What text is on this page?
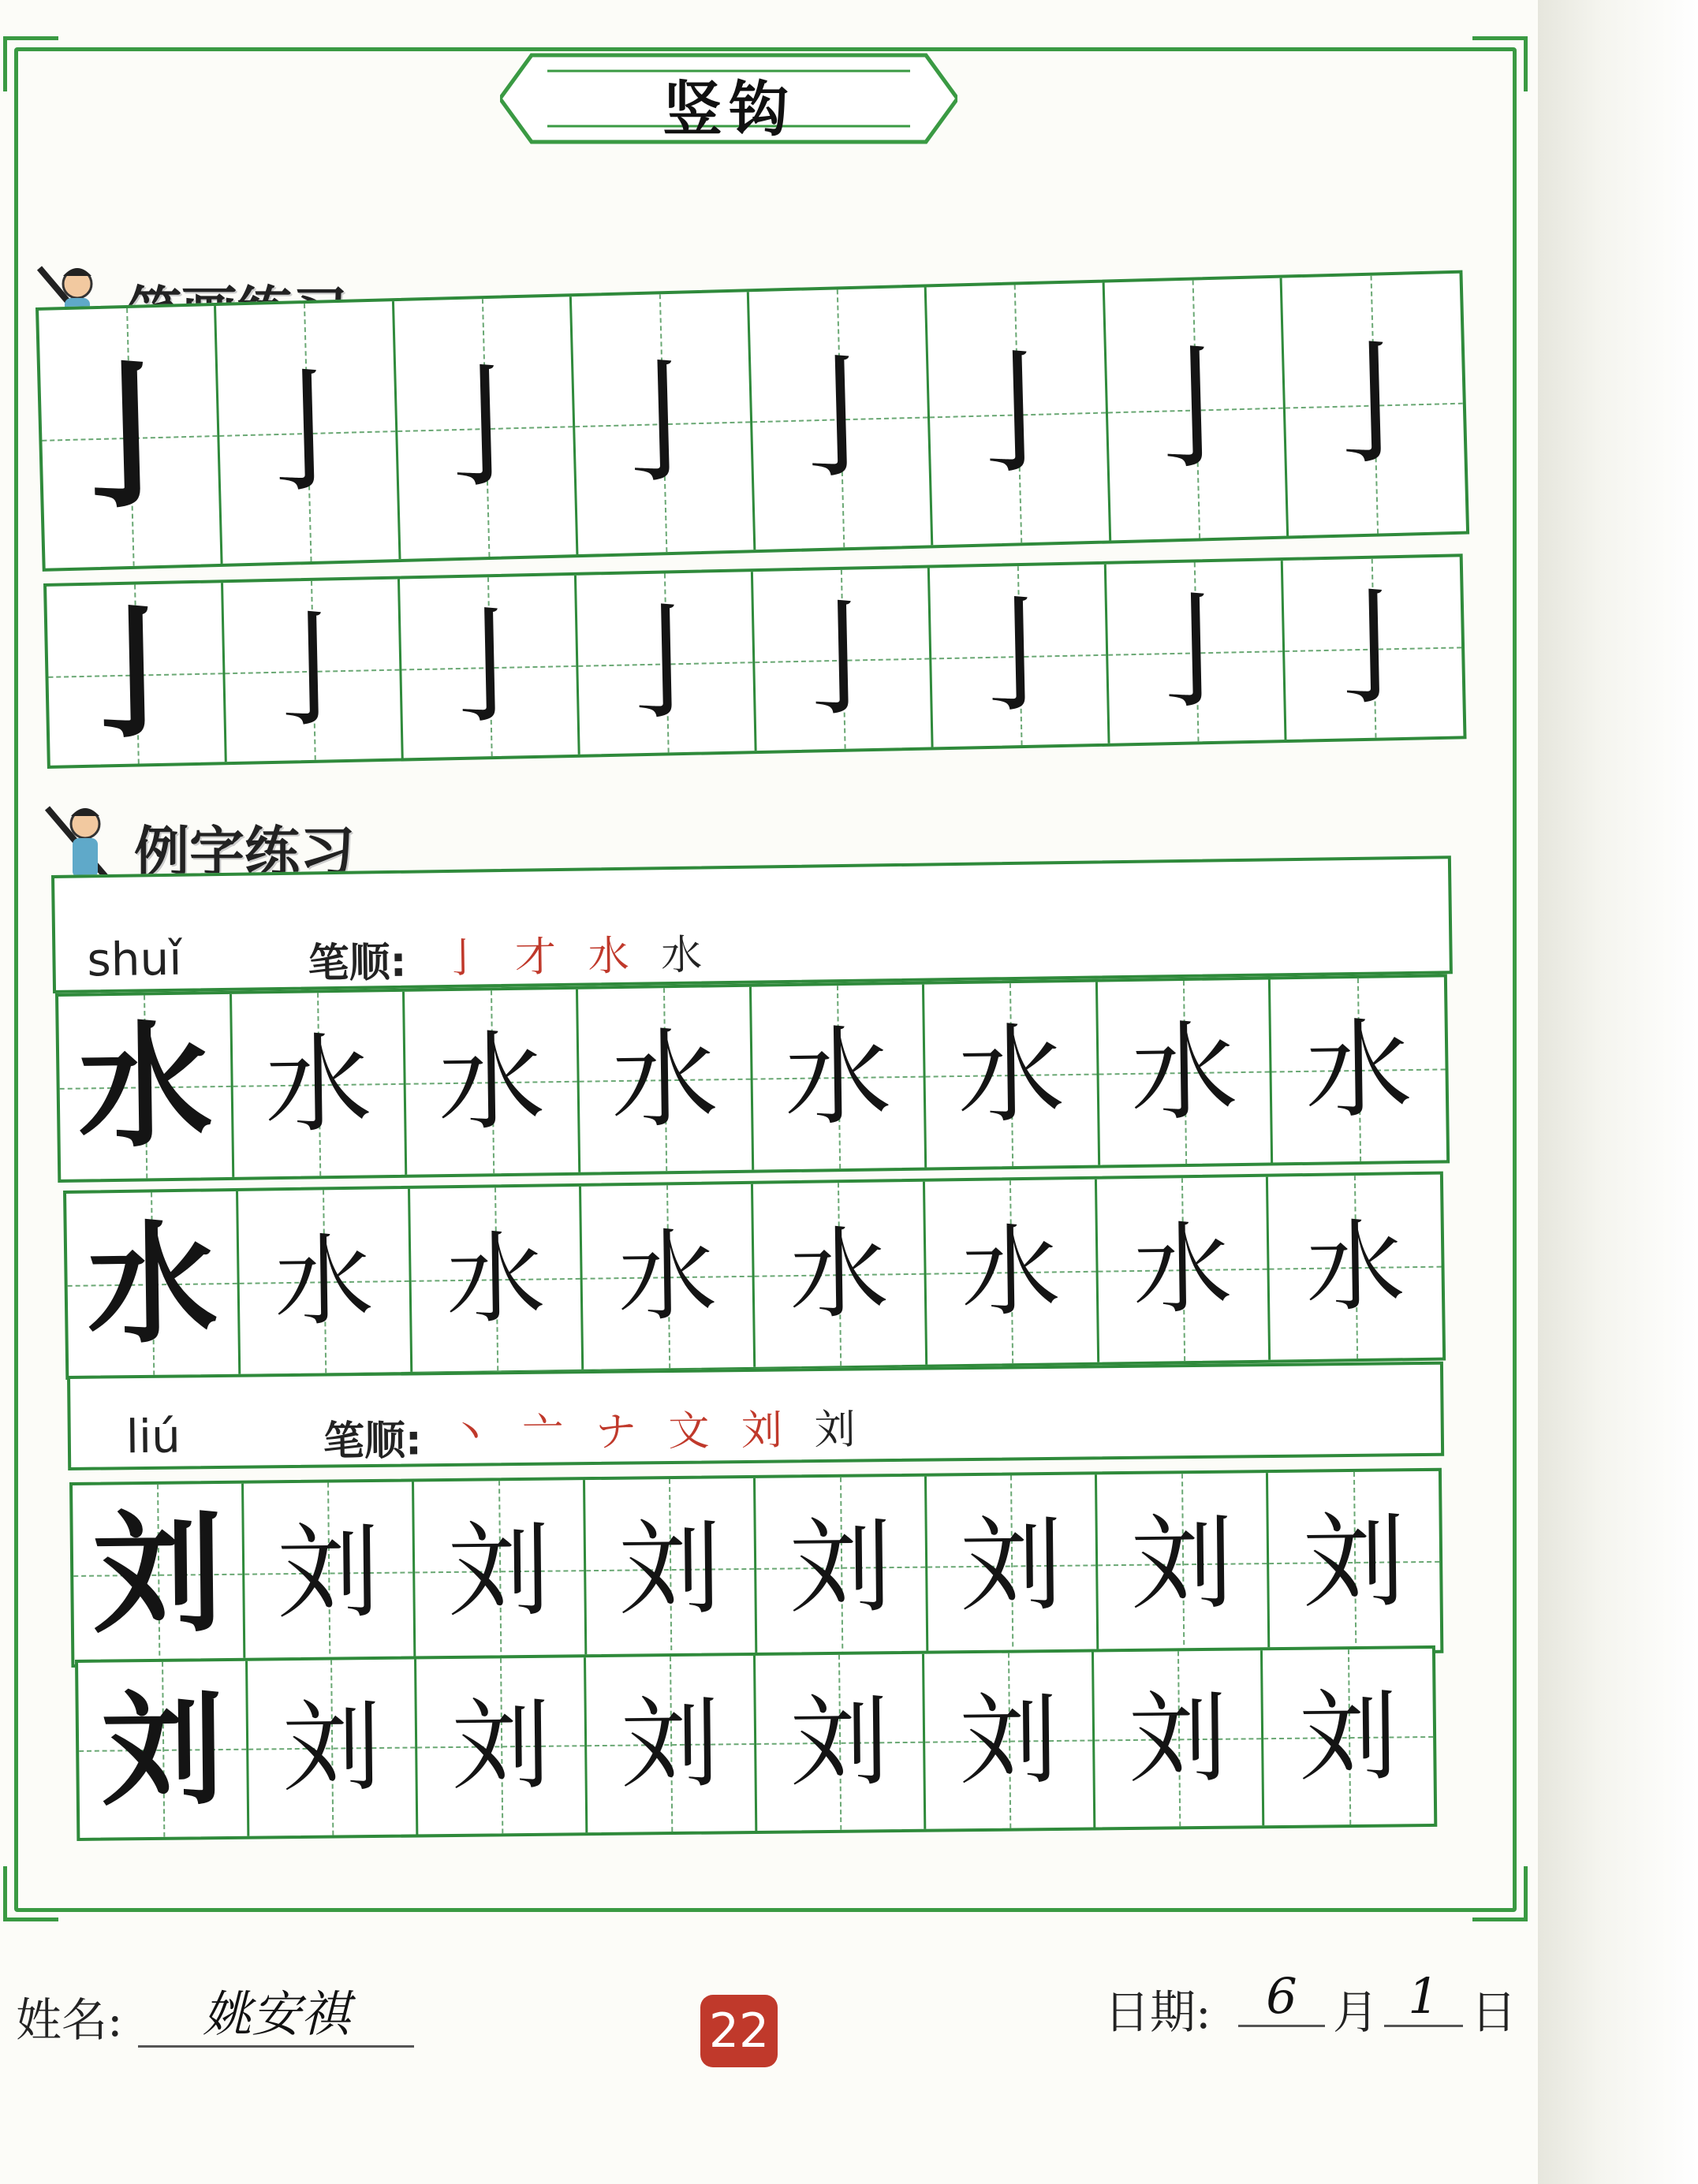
竖钩
亅 亅 亅 亅 亅 亅 亅 亅
亅 亅 亅 亅 亅 亅 亅 亅
例字练习
shuǐ	笔顺: 亅 才 水 水
水 水 水 水 水 水 水 水
水 水 水 水 水 水 水 水
liú	笔顺: 丶 亠 ナ 文 刘 刘
刘 刘 刘 刘 刘 刘 刘 刘
刘 刘 刘 刘 刘 刘 刘 刘
姓名:	姚安祺	22	日期:	6 月 1 日
